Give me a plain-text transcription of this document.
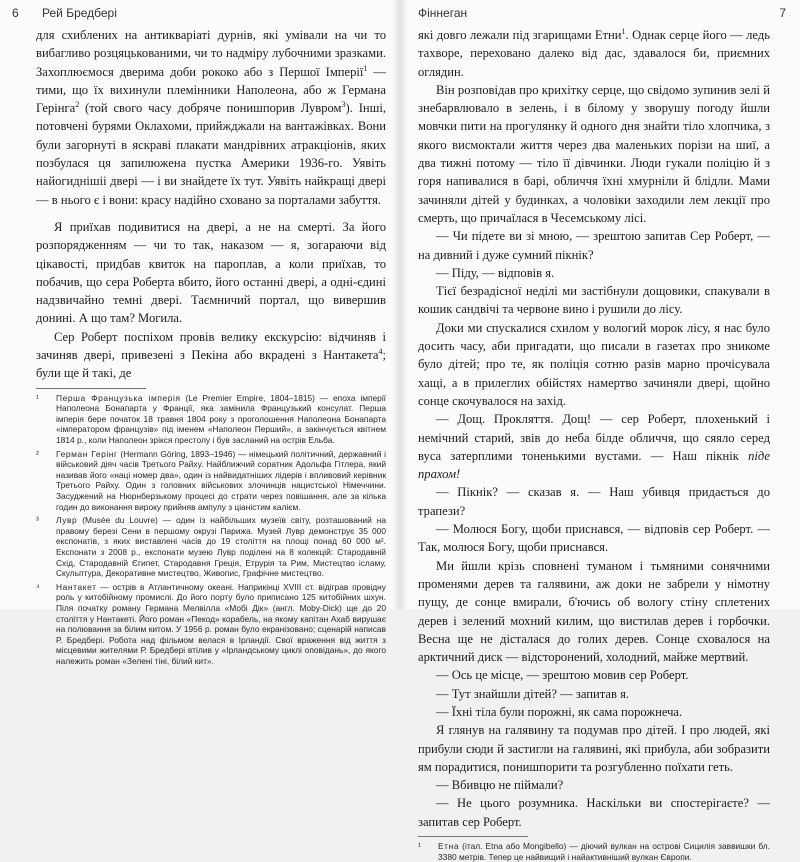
6 Рей Бредбері

для схиблених на антикваріаті дурнів, які умівали на чи то вибагливо розцяцькованими, чи то надміру лубочними зразками. Захоплюємося дверима доби рококо або з Першої Імперії$^1$ — тими, що їх вихинули племінники Наполеона, або ж Германа Герінга$^2$ (той свого часу добряче понишпорив Лувром$^3$). Інші, потовчені бурями Оклахоми, прийжджали на вантажівках. Вони були загорнуті в яскраві плакати мандрівних атракціонів, яких позбулася ця запилюжена пустка Америки 1936-го. Уявіть найогиднішіі двері — і ви знайдете їх тут. Уявіть найкращі двері — в нього є і вони: красу надійно сховано за порталами забуття.

Я приїхав подивитися на двері, а не на смерті. За його розпорядженням — чи то так, наказом — я, зогараючи від цікавості, придбав квиток на пароплав, а коли приїхав, то побачив, що сера Роберта вбито, його останні двері, а одні-єдині надзвичайно темні двері. Таємничий портал, що вивершив донині. А що там? Могила.

Сер Роберт поспіхом провів велику екскурсію: відчиняв і зачиняв двері, привезені з Пекіна або вкрадені з Нантакета$^4$; були ще й такі, де

¹ Перша Французька імперія (Le Premier Empire, 1804–1815) — епоха імперії Наполеона Бонапарта у Франції, яка замінила Французький консулат. Перша імперія бере початок 18 травня 1804 року з проголошення Наполеона Бонапарта «імператором французів» під іменем «Наполеон Перший», а закінчується квітнем 1814 р., коли Наполеон зрікся престолу і був засланий на острів Ельба.
² Герман Герінг (Hermann Göring, 1893–1946) — німецький політичний, державний і військовий діяч часів Третього Райху. Найближчий соратник Адольфа Гітлера, який називав його «наці номер два», один із найвидатніших лідерів і впливовий керівник Третього Райху. Один з головних військових злочинців нацистської Німеччини. Засуджений на Нюрнберзькому процесі до страти через повішання, але за кілька годин до виконання вироку прийняв ампулу з ціаністим калієм.
³ Лувр (Musée du Louvre) — один із найбільших музеїв світу, розташований на правому березі Сени в першому окрузі Парижа. Музей Лувр демонструє 35 000 експонатів, з яких виставлені часів до 19 століття на площі понад 60 000 м². Експонати з 2008 р., експонати музею Лувр поділені на 8 колекцій: Стародавній Схід, Стародавній Єгипет, Стародавня Греція, Етрурія та Рим, Мистецтво ісламу, Скульптура, Декоративне мистецтво, Живопис, Графічне мистецтво.
⁴ Нантакет — острів в Атлантичному океані. Наприкінці XVIII ст. відіграв провідну роль у китобійному промислі. До його порту було приписано 125 китобійних шхун. Піля початку роману Германа Мелвілла «Мобі Дік» (англ. Moby-Dick) ще до 20 століття у Нантакеті. Його роман «Пекод» корабель, на якому капітан Ахаб вирушає на полювання за білим китом. У 1956 р. роман було екранізовано; сценарій написав Р. Бредбері. Робота над фільмом велася в Ірландії. Свої враження від життя з місцевими жителями Р. Бредбері втілив у «Ірландському циклі оповідань», до якого належить роман «Зелені тіні, білий кит».
Фіннеган	7

які довго лежали під згарищами Етни$^1$. Однак серце його — ледь тахворе, переховано далеко від дас, здавалося би, приємних оглядин.

Він розповідав про крихітку серце, що свідомо зупинив зелі й знебарвлювало в зелень, і в білому у зворушу погоду йшли мовчки пити на прогулянку й одного дня знайти тіло хлопчика, з якого висмоктали життя через два маленьких порізи на шиї, а два тижні потому — тіло її дівчинки. Люди гукали поліцію й з горя напивалися в барі, обличчя їхні хмурніли й блідли. Мами зачиняли дітей у будинках, а чоловіки заходили лем лекції про смерть, що причаїлася в Чесемському лісі.

— Чи підете ви зі мною, — зрештою запитав Сер Роберт, — на дивний і дуже сумний пікнік?

— Піду, — відповів я.

Тієї безрадісної неділі ми застібнули дощовики, спакували в кошик сандвічі та червоне вино і рушили до лісу.

Доки ми спускалися схилом у вологий морок лісу, я нас було досить часу, аби пригадати, що писали в газетах про зникоме було дітей; про те, як поліція сотню разів марно прочісувала хащі, а в прилеглих обійстях намертво зачиняли двері, щойно сонце скочувалося на захід.

— Дощ. Прокляття. Дощ! — сер Роберт, плохенький і немічний старий, звів до неба білде обличчя, що сяяло серед вуса затерплими тоненькими вустами. — Наш пікнік піде прахом!

— Пікнік? — сказав я. — Наш убивця придається до трапези?

— Молюся Богу, щоби приснався, — відповів сер Роберт. — Так, молюся Богу, щоби приснався.

Ми йшли крізь сповнені туманом і тьмяними сонячними променями дерев та галявини, аж доки не забрели у німотну пущу, де сонце вмирали, б'ючись об вологу стіну сплетених дерев і зелений мохний килим, що вистилав дерев і горбочки. Весна ще не дісталася до голих дерев. Сонце сховалося на арктичний диск — відсторонений, холодний, майже мертвий.

— Ось це місце, — зрештою мовив сер Роберт.

— Тут знайшли дітей? — запитав я.

— Їхні тіла були порожні, як сама порожнеча.

Я глянув на галявину та подумав про дітей. І про людей, які прибули сюди й застигли на галявині, які прибула, аби зобразити ям порадитися, понишпорити та розгубленно поїхати геть.

— Вбивцю не піймали?

— Не цього розумника. Наскільки ви спостерігаєте? — запитав сер Роберт.

¹ Етна (італ. Etna або Mongibello) — діючий вулкан на острові Сицилія заввишки бл. 3380 метрів. Тепер це найвищий і найактивніший вулкан Європи.
